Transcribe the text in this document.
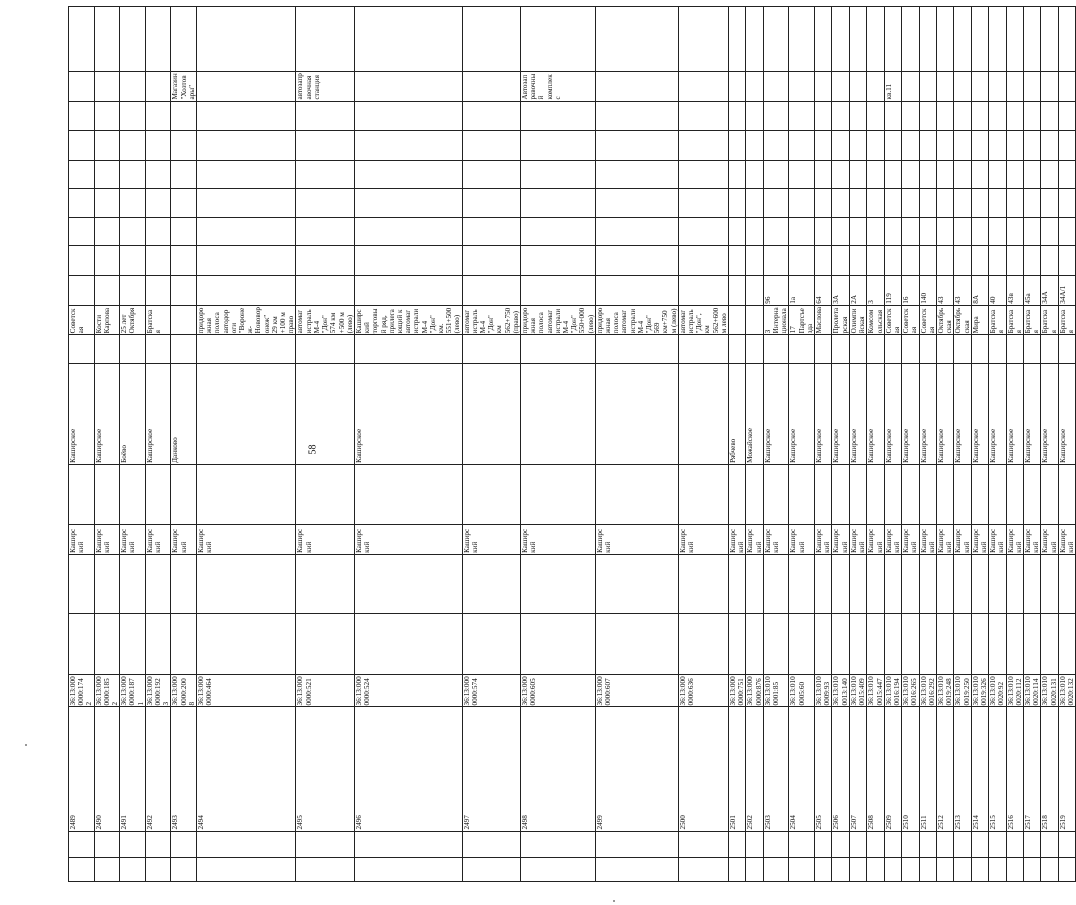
58
		2489	36:13:0000000:1742			Каширский		Каширское		Советская									
		2490	36:13:0000000:1852			Каширский		Каширское		Кости Карпова									
		2491	36:13:0000000:1871			Каширский		Боёво		25 лет Октября									
		2492	36:13:0000000:1923			Каширский		Каширское		Братская									
		2493	36:13:0000000:2008			Каширский		Данково										Магазин "Хозтовары"	
		2494	36:13:0000000:464			Каширский				придорожная полоса автодороги "Воронеж-Нововоронеж" 29 км +100 м право									
		2495	36:13:0000000:521			Каширский				автомагистраль М-4 "Дон" 574 км +500 м (лево)								автозаправочная станция	
		2496	36:13:0000000:524			Каширский		Каширское		Каширский торговый ряд, прилегающий к автомагистрали М-4 "Дон" км. 551+500 (лево)									
		2497	36:13:0000000:574			Каширский				автомагистраль М-4 "Дон" км 562+750 (право)									
		2498	36:13:0000000:605			Каширский				придорожная полоса автомагистрали М-4 "Дон" 550+000 (лево)								Автозаправочный комплекс	
		2499	36:13:0000000:607			Каширский				придорожная полоса автомагистрали М-4 "Дон" 569 км+750 м (лево)									
		2500	36:13:0000000:636			Каширский				автомагистраль "Дон", км 562+600 м лево									
		2501	36:13:0000000:751			Каширский		Рябчево											
		2502	36:13:0000000:876			Каширский		Можайское											
		2503	36:13:0100001:85			Каширский		Каширское		3 Интернационала	96								
		2504	36:13:0100005:60			Каширский		Каширское		17 Партсъезда	1а								
		2505	36:13:0100009:93			Каширский		Каширское		Маслова	64								
		2506	36:13:0100013:140			Каширский		Каширское		Пролетарская	3А								
		2507	36:13:0100015:409			Каширский		Каширское		Олимпийская	2А								
		2508	36:13:0100015:447			Каширский		Каширское		Комсомольская	3								
		2509	36:13:0100016:194			Каширский		Каширское		Советская	119							кв.11	
		2510	36:13:0100016:265			Каширский		Каширское		Советская	16								
		2511	36:13:0100016:292			Каширский		Каширское		Советская	140								
		2512	36:13:0100019:248			Каширский		Каширское		Октябрьская	43								
		2513	36:13:0100019:250			Каширский		Каширское		Октябрьская	43								
		2514	36:13:0100019:326			Каширский		Каширское		Мира	8А								
		2515	36:13:0100020:92			Каширский		Каширское		Братская	40								
		2516	36:13:0100020:112			Каширский		Каширское		Братская	43в								
		2517	36:13:0100020:114			Каширский		Каширское		Братская	45а								
		2518	36:13:0100020:131			Каширский		Каширское		Братская	34А								
		2519	36:13:0100020:132			Каширский		Каширское		Братская	34А/1								
